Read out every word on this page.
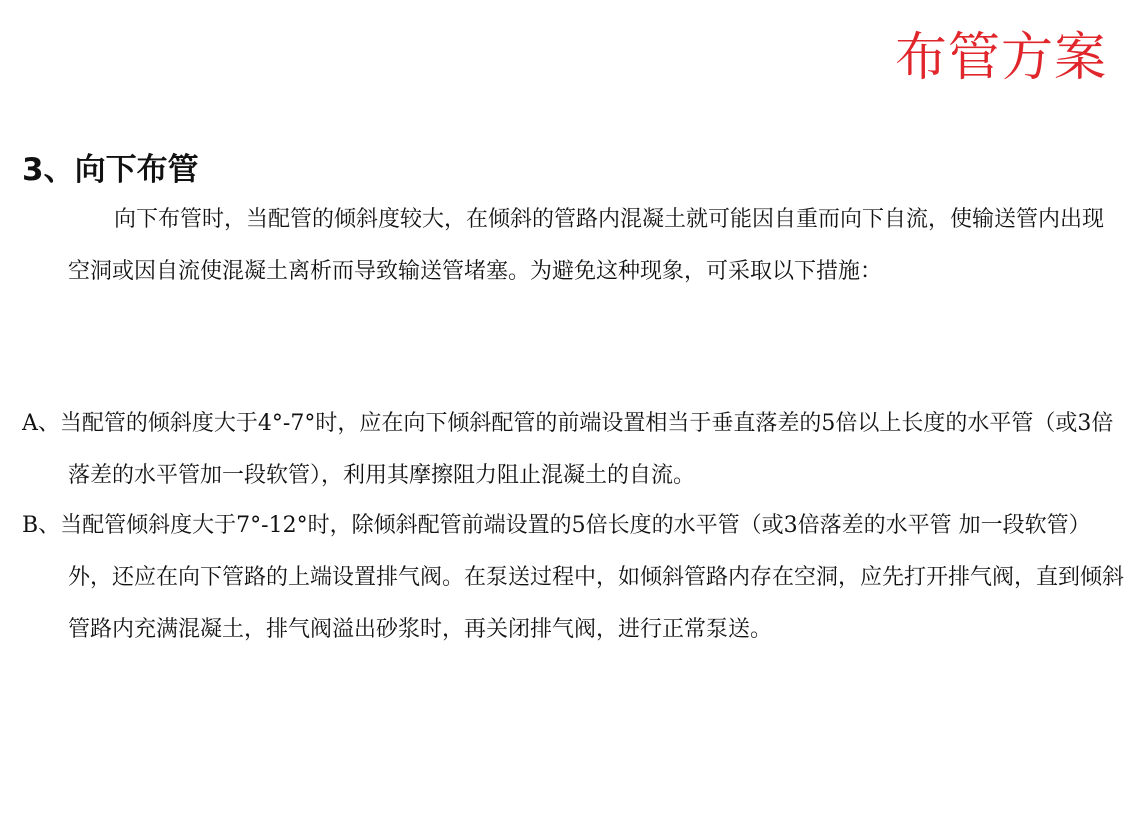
布管方案
3、向下布管

向下布管时，当配管的倾斜度较大，在倾斜的管路内混凝土就可能因自重而向下自流，使输送管内出现空洞或因自流使混凝土离析而导致输送管堵塞。为避免这种现象，可采取以下措施：

A、当配管的倾斜度大于4°-7°时，应在向下倾斜配管的前端设置相当于垂直落差的5倍以上长度的水平管（或3倍落差的水平管加一段软管），利用其摩擦阻力阻止混凝土的自流。

B、当配管倾斜度大于7°-12°时，除倾斜配管前端设置的5倍长度的水平管（或3倍落差的水平管 加一段软管）外，还应在向下管路的上端设置排气阀。在泵送过程中，如倾斜管路内存在空洞，应先打开排气阀，直到倾斜管路内充满混凝土，排气阀溢出砂浆时，再关闭排气阀，进行正常泵送。
